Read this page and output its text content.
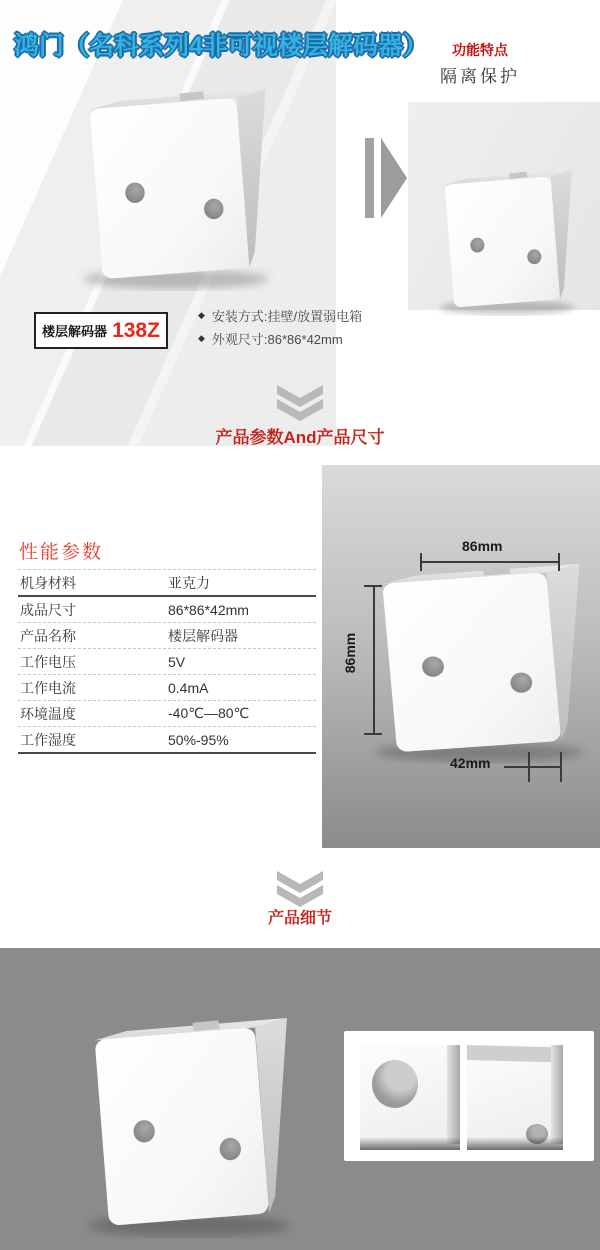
鸿门（名科系列4非可视楼层解码器）	功能特点
隔离保护
楼层解码器 138Z
◆ 安装方式:挂壁/放置弱电箱
◆ 外观尺寸:86*86*42mm
产品参数And产品尺寸
性能参数
机身材料	亚克力
成品尺寸	86*86*42mm
产品名称	楼层解码器
工作电压	5V
工作电流	0.4mA
环境温度	-40℃—80℃
工作湿度	50%-95%
86mm
86mm
42mm
产品细节
